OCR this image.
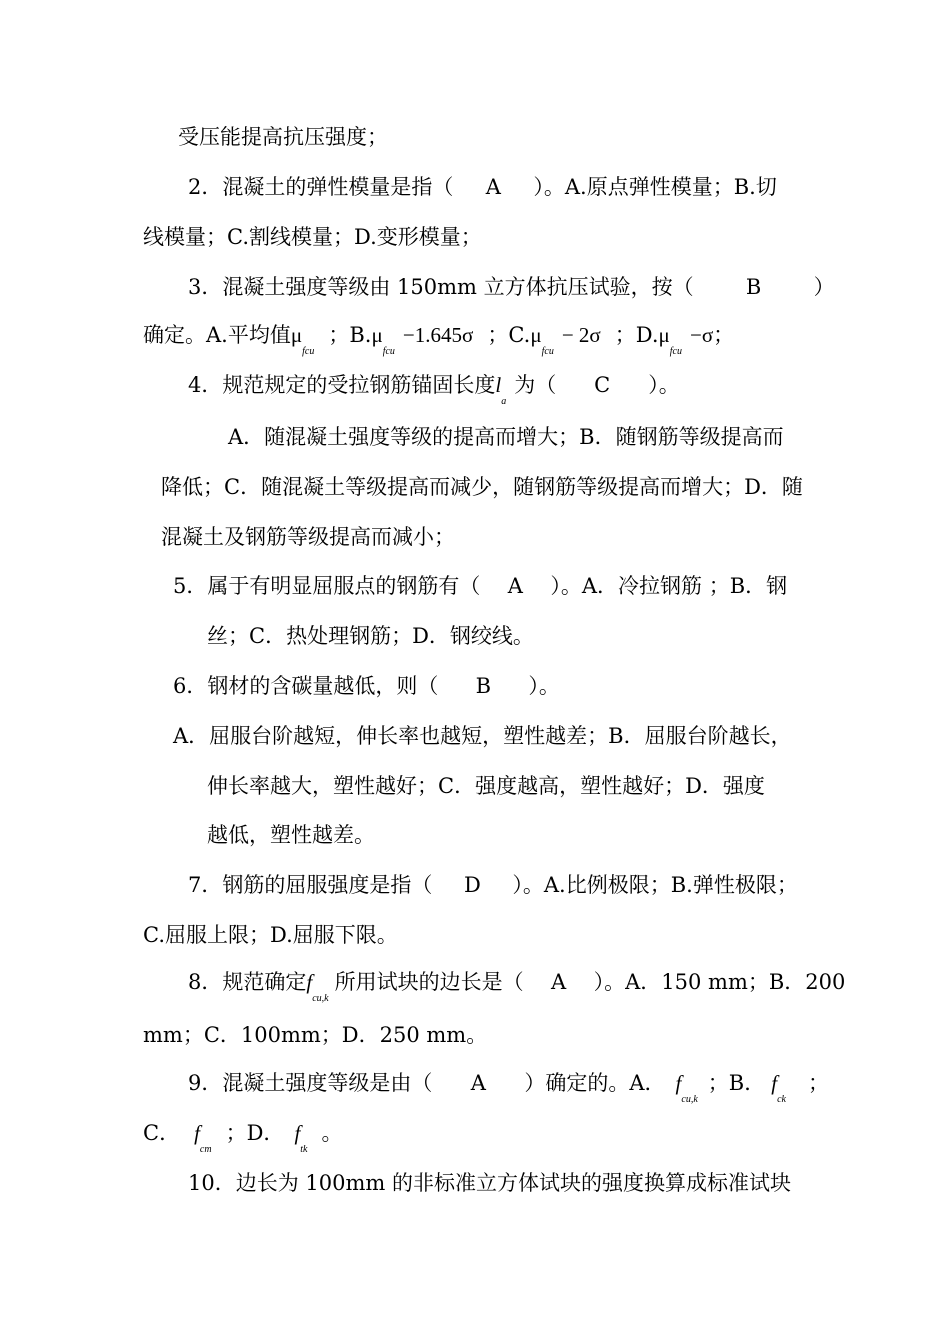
受压能提高抗压强度；
2．混凝土的弹性模量是指（ A ）。A.原点弹性模量；B.切
线模量；C.割线模量；D.变形模量；
3．混凝土强度等级由 150mm 立方体抗压试验，按（ B ）
确定。A.平均值$\mu_{fcu}$；$B.\mu_{fcu}-1.645\sigma$ ；$C.\mu_{fcu}- 2\sigma$ ；$D.\mu_{fcu}-\sigma$；
4．规范规定的受拉钢筋锚固长度$l_a$为（ C ）。
A．随混凝土强度等级的提高而增大；B．随钢筋等级提高而
降低；C．随混凝土等级提高而减少，随钢筋等级提高而增大；D．随
混凝土及钢筋等级提高而减小；
5．属于有明显屈服点的钢筋有（ A ）。A．冷拉钢筋 ；B．钢
丝；C．热处理钢筋；D．钢绞线。
6．钢材的含碳量越低，则（ B ）。
A．屈服台阶越短，伸长率也越短，塑性越差；B．屈服台阶越长，
伸长率越大，塑性越好；C．强度越高，塑性越好；D．强度
越低，塑性越差。
7．钢筋的屈服强度是指（ D ）。A.比例极限；B.弹性极限；
C.屈服上限；D.屈服下限。
8．规范确定$f_{cu,k}$所用试块的边长是（ A ）。A．150 mm；B．200
mm；C．100mm；D．250 mm。
9．混凝土强度等级是由（ A ）确定的。A． $f_{cu,k}$；B． $f_{ck}$；
C． $f_{cm}$；D． $f_{tk}$。
10．边长为 100mm 的非标准立方体试块的强度换算成标准试块
